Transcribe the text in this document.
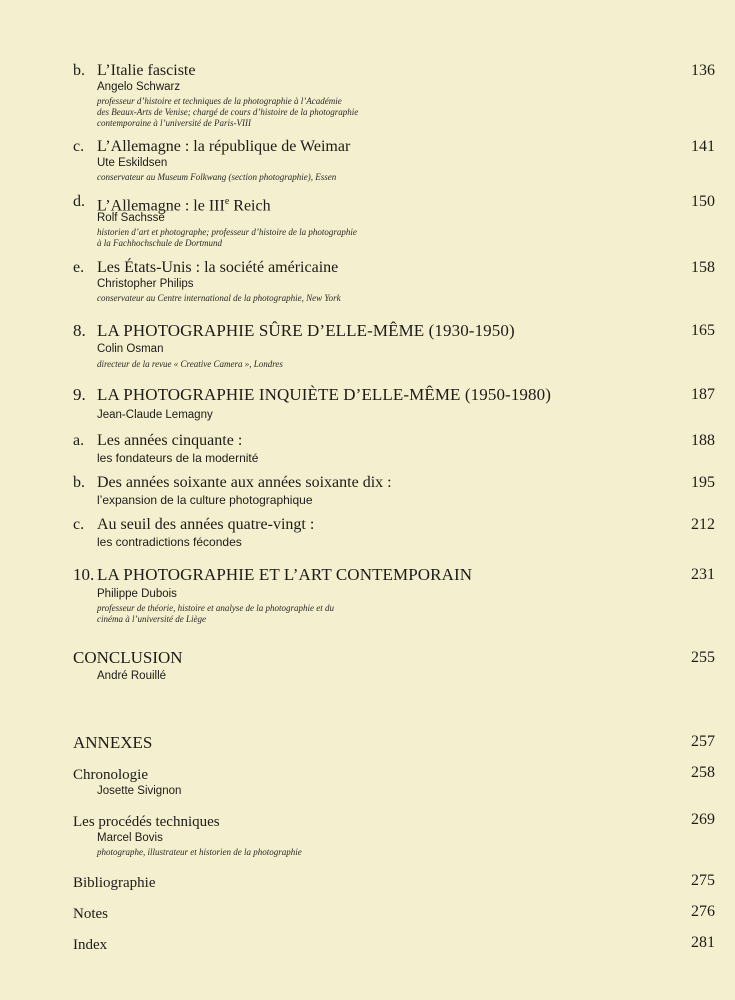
b. L’Italie fasciste	136
Angelo Schwarz
professeur d’histoire et techniques de la photographie à l’Académie
des Beaux-Arts de Venise; chargé de cours d’histoire de la photographie
contemporaine à l’université de Paris-VIII
c. L’Allemagne : la république de Weimar	141
Ute Eskildsen
conservateur au Museum Folkwang (section photographie), Essen
d. L’Allemagne : le IIIe Reich	150
Rolf Sachsse
historien d’art et photographe; professeur d’histoire de la photographie
à la Fachhochschule de Dortmund
e. Les États-Unis : la société américaine	158
Christopher Philips
conservateur au Centre international de la photographie, New York
8. LA PHOTOGRAPHIE SÛRE D’ELLE-MÊME (1930-1950)	165
Colin Osman
directeur de la revue « Creative Camera », Londres
9. LA PHOTOGRAPHIE INQUIÈTE D’ELLE-MÊME (1950-1980)	187
Jean-Claude Lemagny
a. Les années cinquante :	188
les fondateurs de la modernité
b. Des années soixante aux années soixante dix :	195
l’expansion de la culture photographique
c. Au seuil des années quatre-vingt :	212
les contradictions fécondes
10. LA PHOTOGRAPHIE ET L’ART CONTEMPORAIN	231
Philippe Dubois
professeur de théorie, histoire et analyse de la photographie et du
cinéma à l’université de Liège
CONCLUSION	255
André Rouillé
ANNEXES	257
Chronologie	258
Josette Sivignon
Les procédés techniques	269
Marcel Bovis
photographe, illustrateur et historien de la photographie
Bibliographie	275
Notes	276
Index	281
